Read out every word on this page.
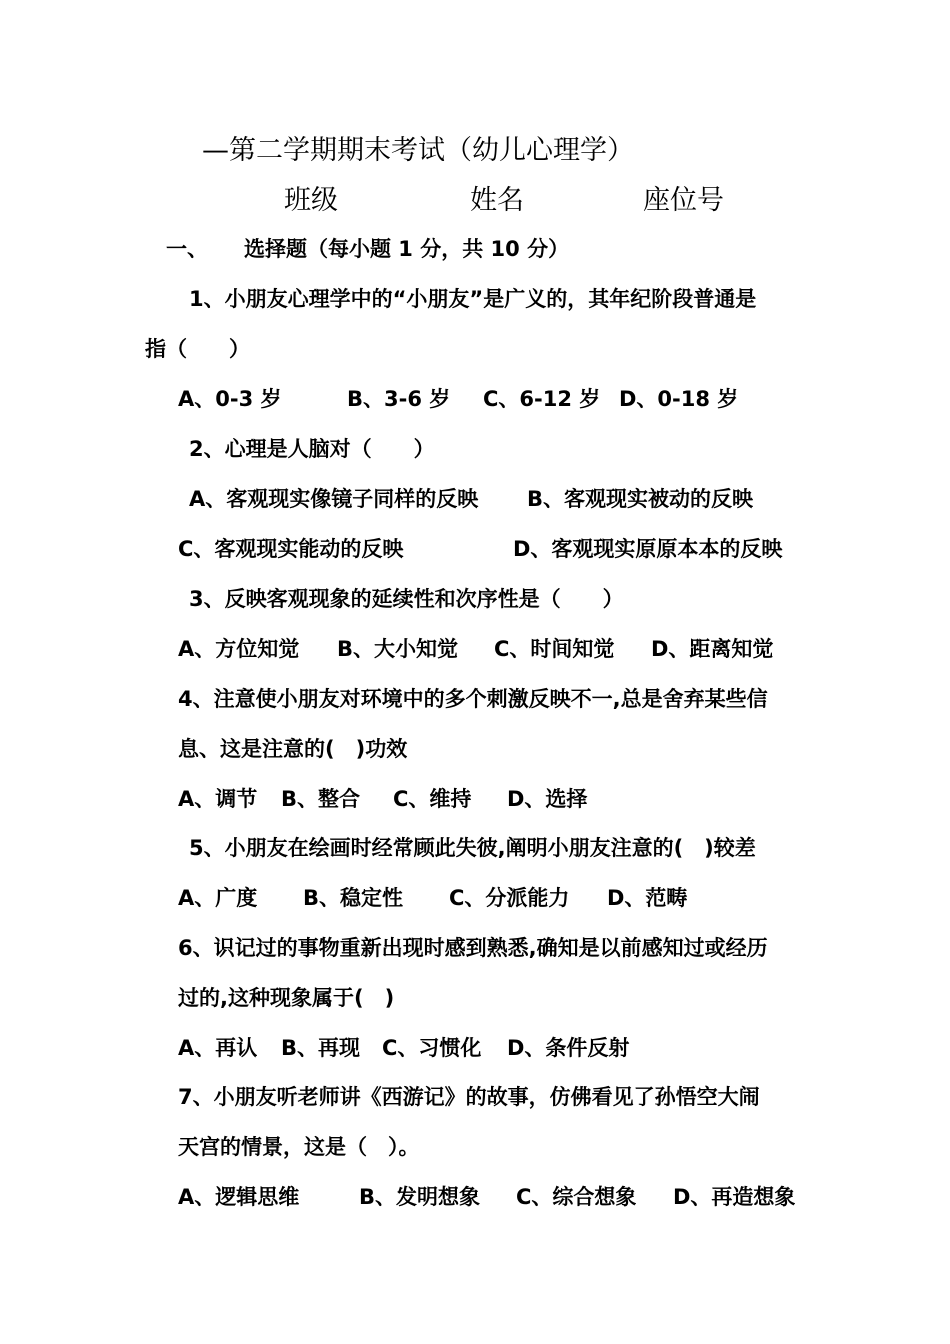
—第二学期期末考试（幼儿心理学）
班级	姓名	座位号
一、 选择题（每小题 1 分，共 10 分）
1、小朋友心理学中的“小朋友”是广义的，其年纪阶段普通是
指（　　）
A、0-3 岁	B、3-6 岁 C、6-12 岁 D、0-18 岁
2、心理是人脑对（　　）
A、客观现实像镜子同样的反映 B、客观现实被动的反映
C、客观现实能动的反映	D、客观现实原原本本的反映
3、反映客观现象的延续性和次序性是（　　）
A、方位知觉 B、大小知觉 C、时间知觉 D、距离知觉
4、注意使小朋友对环境中的多个刺激反映不一,总是舍弃某些信
息、这是注意的(　)功效
A、调节 B、整合 C、维持 D、选择
5、小朋友在绘画时经常顾此失彼,阐明小朋友注意的(　)较差
A、广度 B、稳定性 C、分派能力 D、范畴
6、识记过的事物重新出现时感到熟悉,确知是以前感知过或经历
过的,这种现象属于(　)
A、再认 B、再现 C、习惯化 D、条件反射
7、小朋友听老师讲《西游记》的故事，仿佛看见了孙悟空大闹
天宫的情景，这是（　）。
A、逻辑思维	B、发明想象 C、综合想象 D、再造想象
